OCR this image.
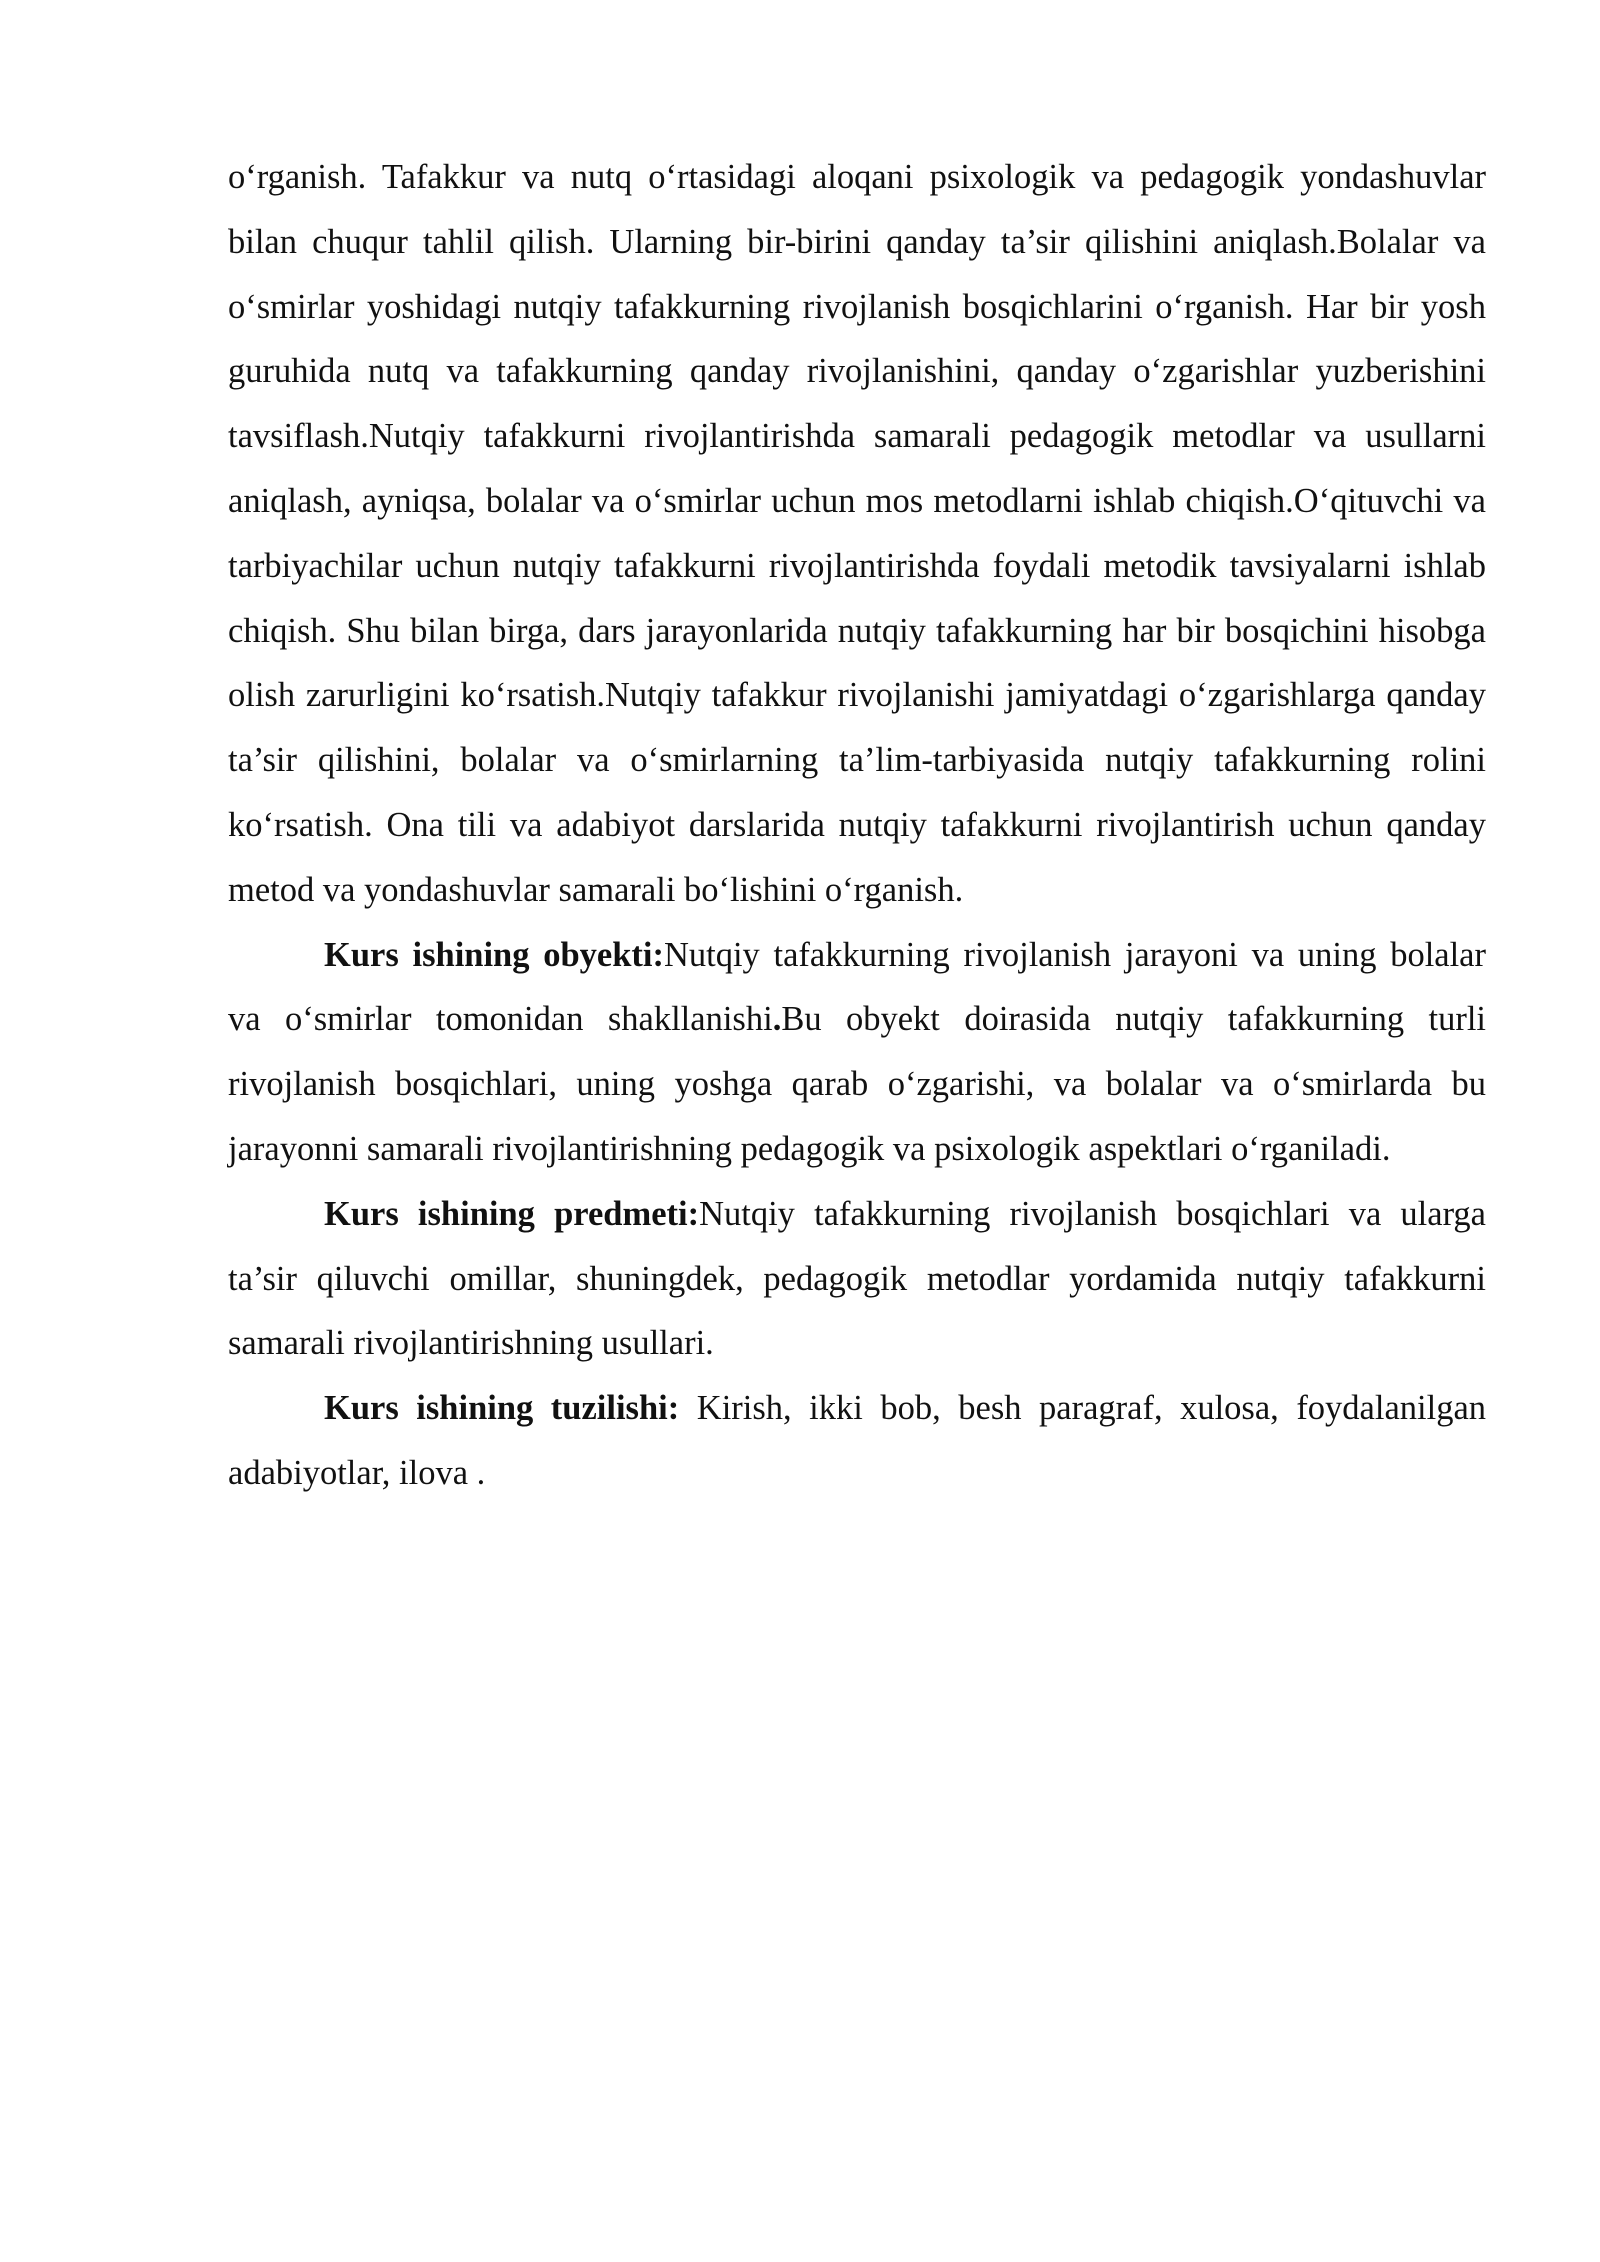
o‘rganish. Tafakkur va nutq o‘rtasidagi aloqani psixologik va pedagogik yondashuvlar bilan chuqur tahlil qilish. Ularning bir-birini qanday ta’sir qilishini aniqlash.Bolalar va o‘smirlar yoshidagi nutqiy tafakkurning rivojlanish bosqichlarini o‘rganish. Har bir yosh guruhida nutq va tafakkurning qanday rivojlanishini, qanday o‘zgarishlar yuzberishini tavsiflash.Nutqiy tafakkurni rivojlantirishda samarali pedagogik metodlar va usullarni aniqlash, ayniqsa, bolalar va o‘smirlar uchun mos metodlarni ishlab chiqish.O‘qituvchi va tarbiyachilar uchun nutqiy tafakkurni rivojlantirishda foydali metodik tavsiyalarni ishlab chiqish. Shu bilan birga, dars jarayonlarida nutqiy tafakkurning har bir bosqichini hisobga olish zarurligini ko‘rsatish.Nutqiy tafakkur rivojlanishi jamiyatdagi o‘zgarishlarga qanday ta’sir qilishini, bolalar va o‘smirlarning ta’lim-tarbiyasida nutqiy tafakkurning rolini ko‘rsatish. Ona tili va adabiyot darslarida nutqiy tafakkurni rivojlantirish uchun qanday metod va yondashuvlar samarali bo‘lishini o‘rganish.

Kurs ishining obyekti:Nutqiy tafakkurning rivojlanish jarayoni va uning bolalar va o‘smirlar tomonidan shakllanishi.Bu obyekt doirasida nutqiy tafakkurning turli rivojlanish bosqichlari, uning yoshga qarab o‘zgarishi, va bolalar va o‘smirlarda bu jarayonni samarali rivojlantirishning pedagogik va psixologik aspektlari o‘rganiladi.

Kurs ishining predmeti:Nutqiy tafakkurning rivojlanish bosqichlari va ularga ta’sir qiluvchi omillar, shuningdek, pedagogik metodlar yordamida nutqiy tafakkurni samarali rivojlantirishning usullari.

Kurs ishining tuzilishi: Kirish, ikki bob, besh paragraf, xulosa, foydalanilgan adabiyotlar, ilova .
